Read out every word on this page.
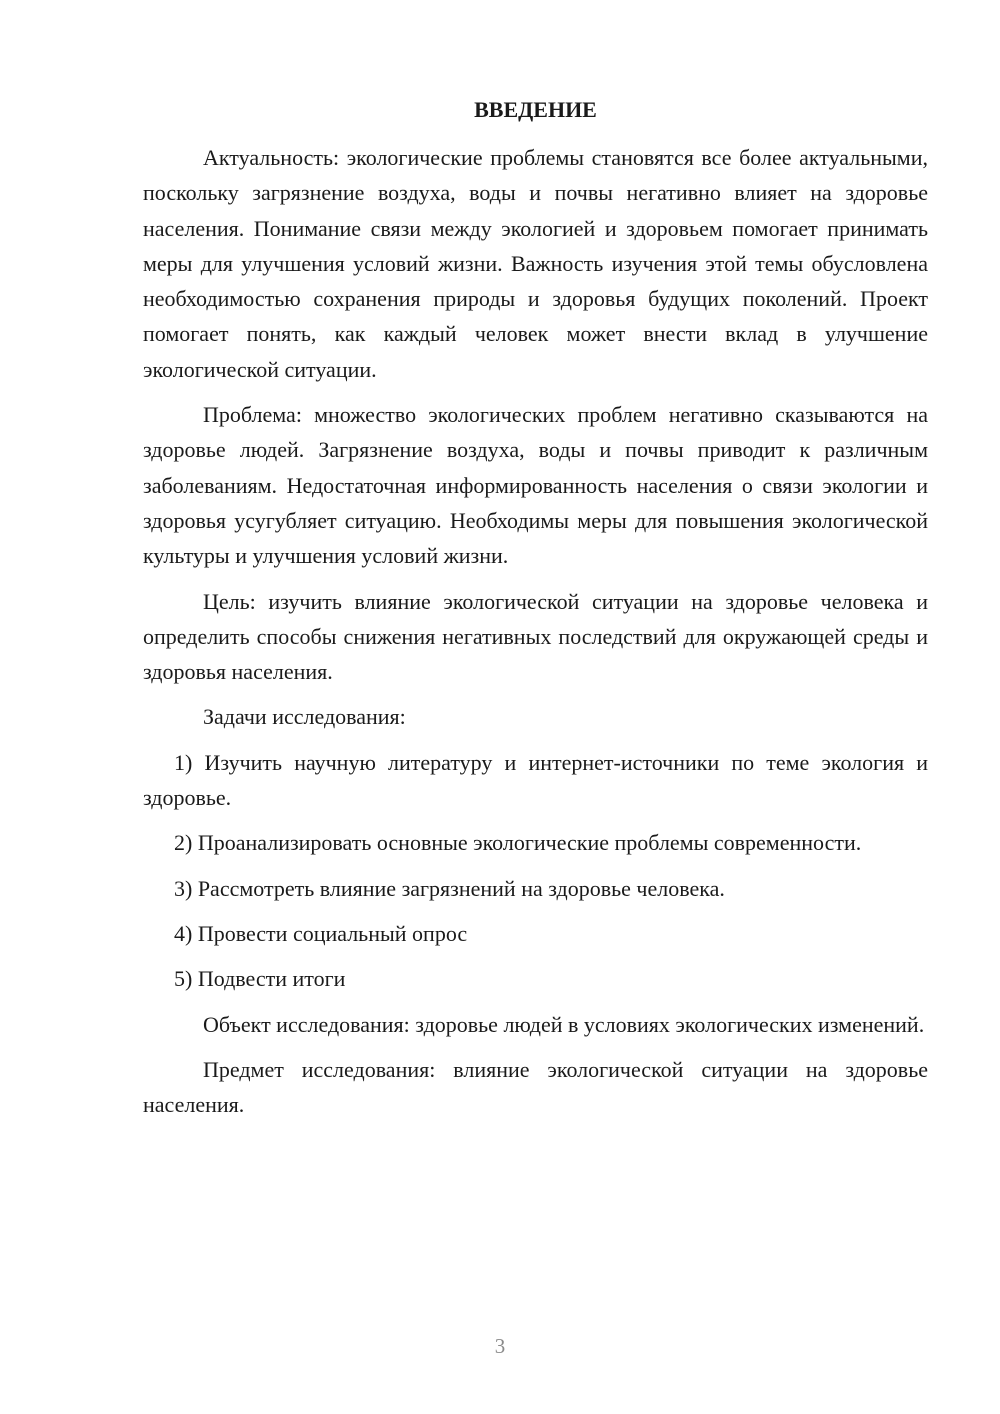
ВВЕДЕНИЕ

Актуальность: экологические проблемы становятся все более актуальными, поскольку загрязнение воздуха, воды и почвы негативно влияет на здоровье населения. Понимание связи между экологией и здоровьем помогает принимать меры для улучшения условий жизни. Важность изучения этой темы обусловлена необходимостью сохранения природы и здоровья будущих поколений. Проект помогает понять, как каждый человек может внести вклад в улучшение экологической ситуации.

Проблема: множество экологических проблем негативно сказываются на здоровье людей. Загрязнение воздуха, воды и почвы приводит к различным заболеваниям. Недостаточная информированность населения о связи экологии и здоровья усугубляет ситуацию. Необходимы меры для повышения экологической культуры и улучшения условий жизни.

Цель: изучить влияние экологической ситуации на здоровье человека и определить способы снижения негативных последствий для окружающей среды и здоровья населения.

Задачи исследования:

1) Изучить научную литературу и интернет-источники по теме экология и здоровье.

2) Проанализировать основные экологические проблемы современности.

3) Рассмотреть влияние загрязнений на здоровье человека.

4) Провести социальный опрос

5) Подвести итоги

Объект исследования: здоровье людей в условиях экологических изменений.

Предмет исследования: влияние экологической ситуации на здоровье населения.

3
